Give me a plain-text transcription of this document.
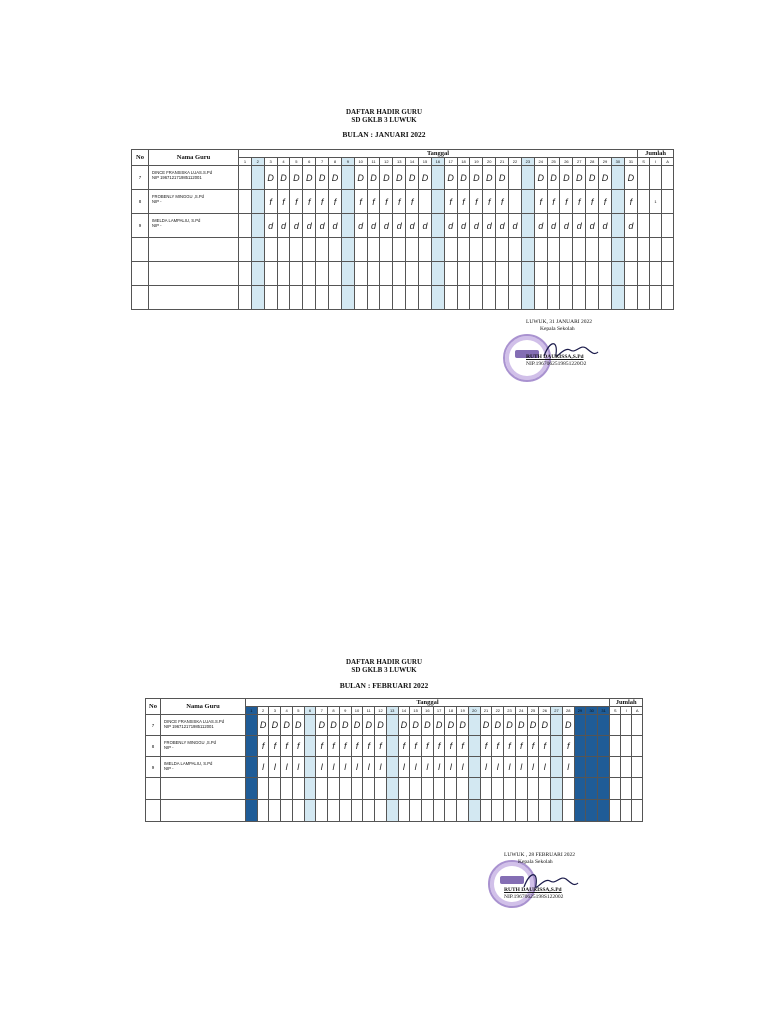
DAFTAR HADIR GURU
SD GKLB 3 LUWUK
BULAN : JANUARI 2022
No	Nama Guru	Tanggal																															Jumlah		
		1	2	3	4	5	6	7	8	9	10	11	12	13	14	15	16	17	18	19	20	21	22	23	24	25	26	27	28	29	30	31	S	I	A
7	DINCE FRANSISKA LUAS.S.Pd
NIP 196712171985112001			D	D	D	D	D	D		D	D	D	D	D	D		D	D	D	D	D			D	D	D	D	D	D		D			
8	FROBENLY MINGGU ,S.Pd
NIP -			f	f	f	f	f	f		f	f	f	f	f			f	f	f	f	f			f	f	f	f	f	f		f		1	
9	IMELDA LAMPALIU, S.Pd
NIP -			d	d	d	d	d	d		d	d	d	d	d	d		d	d	d	d	d	d		d	d	d	d	d	d		d			

LUWUK, 31 JANUARI 2022
Kepala Sekolah
RUTH DAURISSA,S.Pd
NIP.1967062519851220O2
DAFTAR HADIR GURU
SD GKLB 3 LUWUK
BULAN : FEBRUARI 2022
No	Nama Guru	Tanggal																															Jumlah		
		1	2	3	4	5	6	7	8	9	10	11	12	13	14	15	16	17	18	19	20	21	22	23	24	25	26	27	28	29	30	31	S	I	A
7	DINCE FRANSISKA LUAS.S.Pd
NIP 196712171985112001		D	D	D	D		D	D	D	D	D	D		D	D	D	D	D	D		D	D	D	D	D	D		D						
8	FROBENLY MINGGU ,S.Pd
NIP -		f	f	f	f		f	f	f	f	f	f		f	f	f	f	f	f		f	f	f	f	f	f		f						
9	IMELDA LAMPALIU, S.Pd
NIP -		l	l	l	l		l	l	l	l	l	l		l	l	l	l	l	l		l	l	l	l	l	l		l						

LUWUK , 28 FEBRUARI 2022
Kepala Sekolah
RUTH DAURISSA,S.Pd
NIP.19670625198S122002
